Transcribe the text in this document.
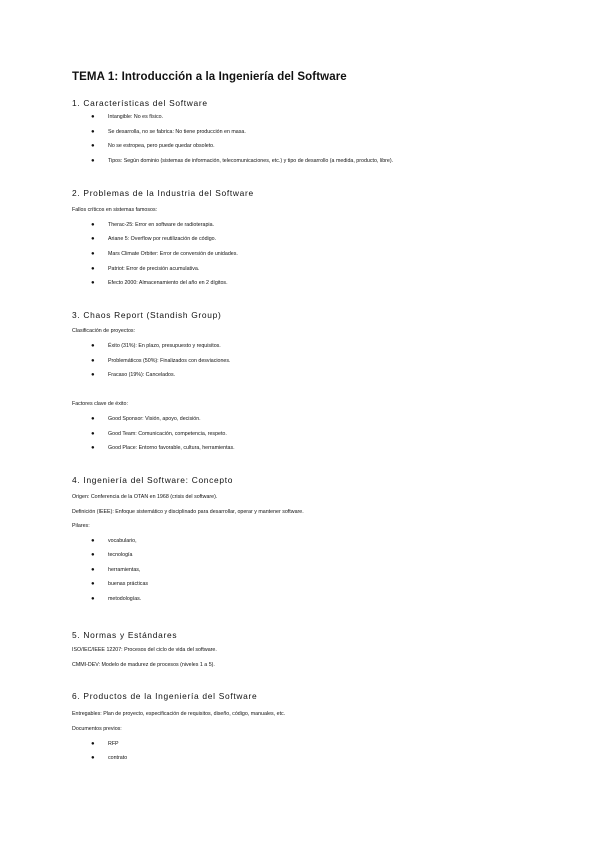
TEMA 1: Introducción a la Ingeniería del Software
1. Características del Software
●	Intangible: No es físico.
●	Se desarrolla, no se fabrica: No tiene producción en masa.
●	No se estropea, pero puede quedar obsoleto.
●	Tipos: Según dominio (sistemas de información, telecomunicaciones, etc.) y tipo de desarrollo (a medida, producto, libre).
2. Problemas de la Industria del Software
Fallos críticos en sistemas famosos:
●	Therac-25: Error en software de radioterapia.
●	Ariane 5: Overflow por reutilización de código.
●	Mars Climate Orbiter: Error de conversión de unidades.
●	Patriot: Error de precisión acumulativa.
●	Efecto 2000: Almacenamiento del año en 2 dígitos.
3. Chaos Report (Standish Group)
Clasificación de proyectos:
●	Éxito (31%): En plazo, presupuesto y requisitos.
●	Problemáticos (50%): Finalizados con desviaciones.
●	Fracaso (19%): Cancelados.
Factores clave de éxito:
●	Good Sponsor: Visión, apoyo, decisión.
●	Good Team: Comunicación, competencia, respeto.
●	Good Place: Entorno favorable, cultura, herramientas.
4. Ingeniería del Software: Concepto
Origen: Conferencia de la OTAN en 1968 (crisis del software).
Definición (IEEE): Enfoque sistemático y disciplinado para desarrollar, operar y mantener software.
Pilares:
●	vocabulario,
●	tecnología
●	herramientas,
●	buenas prácticas
●	metodologías.
5. Normas y Estándares
ISO/IEC/IEEE 12207: Procesos del ciclo de vida del software.
CMMI-DEV: Modelo de madurez de procesos (niveles 1 a 5).
6. Productos de la Ingeniería del Software
Entregables: Plan de proyecto, especificación de requisitos, diseño, código, manuales, etc.
Documentos previos:
●	RFP
●	contrato
